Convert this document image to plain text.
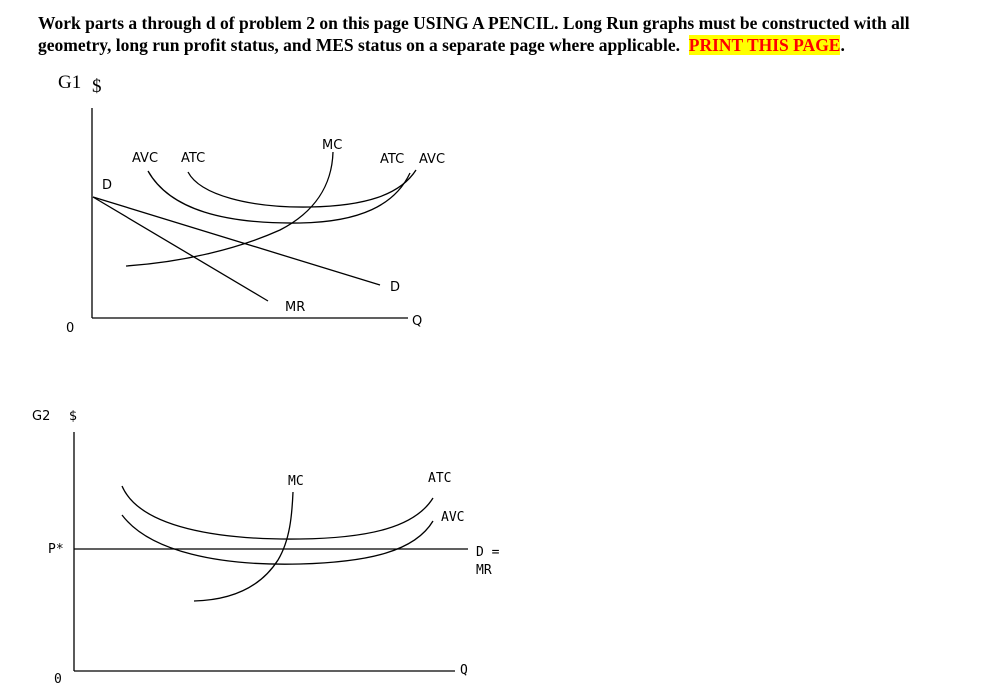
Work parts a through d of problem 2 on this page USING A PENCIL. Long Run graphs must be constructed with all geometry, long run profit status, and MES status on a separate page where applicable. PRINT THIS PAGE.
G1 $
0	Q
D
D
MR
AVC ATC
MC
ATC AVC
G2 $
0
Q
P*
MC	ATC
AVC
D =
MR
